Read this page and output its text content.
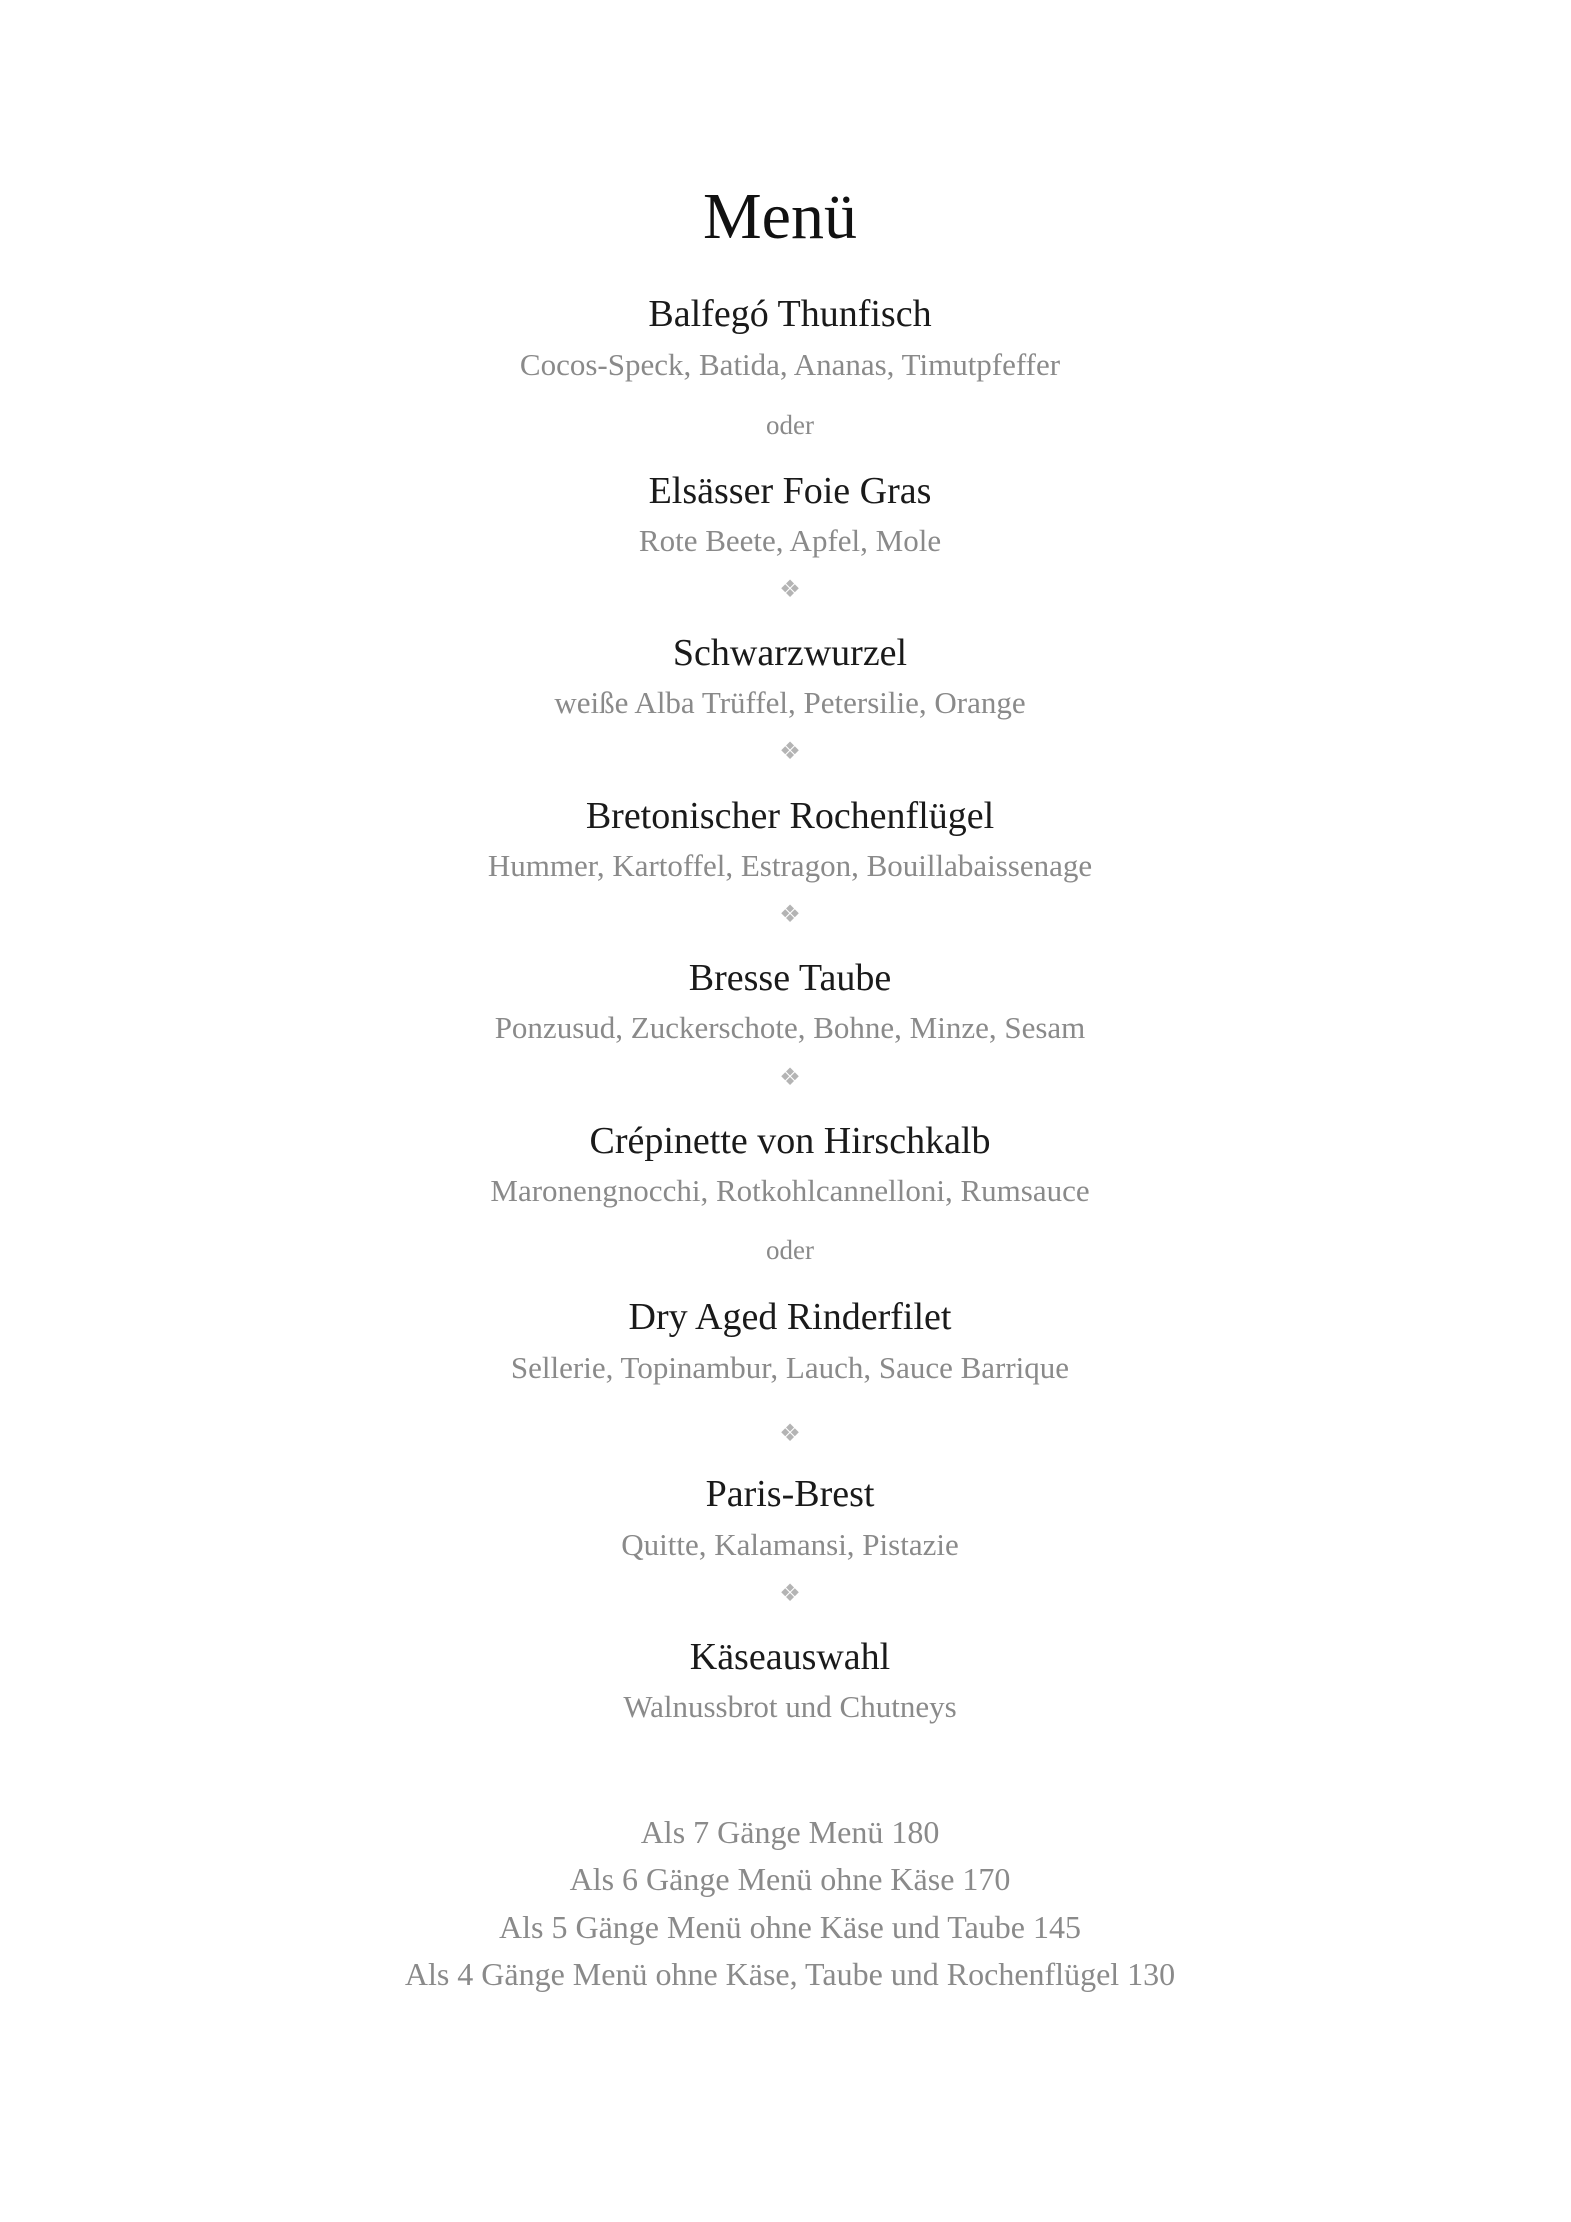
Menü
Balfegó Thunfisch
Cocos-Speck, Batida, Ananas, Timutpfeffer
oder
Elsässer Foie Gras
Rote Beete, Apfel, Mole
❖
Schwarzwurzel
weiße Alba Trüffel, Petersilie, Orange
❖
Bretonischer Rochenflügel
Hummer, Kartoffel, Estragon, Bouillabaissenage
❖
Bresse Taube
Ponzusud, Zuckerschote, Bohne, Minze, Sesam
❖
Crépinette von Hirschkalb
Maronengnocchi, Rotkohlcannelloni, Rumsauce
oder
Dry Aged Rinderfilet
Sellerie, Topinambur, Lauch, Sauce Barrique
❖
Paris-Brest
Quitte, Kalamansi, Pistazie
❖
Käseauswahl
Walnussbrot und Chutneys
Als 7 Gänge Menü 180
Als 6 Gänge Menü ohne Käse 170
Als 5 Gänge Menü ohne Käse und Taube 145
Als 4 Gänge Menü ohne Käse, Taube und Rochenflügel 130
